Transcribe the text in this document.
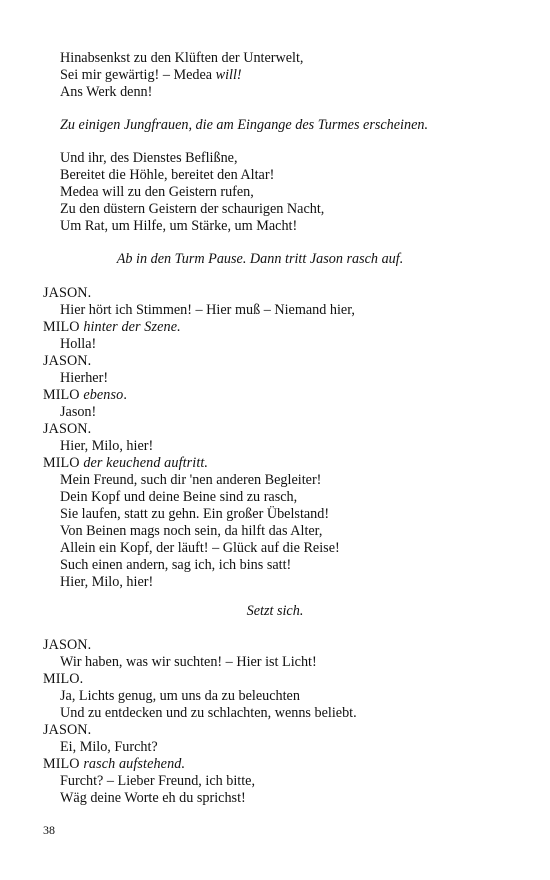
Hinabsenkst zu den Klüften der Unterwelt,
Sei mir gewärtig! – Medea will!
Ans Werk denn!
Zu einigen Jungfrauen, die am Eingange des Turmes erscheinen.
Und ihr, des Dienstes Beflißne,
Bereitet die Höhle, bereitet den Altar!
Medea will zu den Geistern rufen,
Zu den düstern Geistern der schaurigen Nacht,
Um Rat, um Hilfe, um Stärke, um Macht!
Ab in den Turm Pause. Dann tritt Jason rasch auf.
JASON.
Hier hört ich Stimmen! – Hier muß – Niemand hier,
MILO hinter der Szene.
Holla!
JASON.
Hierher!
MILO ebenso.
Jason!
JASON.
Hier, Milo, hier!
MILO der keuchend auftritt.
Mein Freund, such dir 'nen anderen Begleiter!
Dein Kopf und deine Beine sind zu rasch,
Sie laufen, statt zu gehn. Ein großer Übelstand!
Von Beinen mags noch sein, da hilft das Alter,
Allein ein Kopf, der läuft! – Glück auf die Reise!
Such einen andern, sag ich, ich bins satt!
Hier, Milo, hier!
Setzt sich.
JASON.
Wir haben, was wir suchten! – Hier ist Licht!
MILO.
Ja, Lichts genug, um uns da zu beleuchten
Und zu entdecken und zu schlachten, wenns beliebt.
JASON.
Ei, Milo, Furcht?
MILO rasch aufstehend.
Furcht? – Lieber Freund, ich bitte,
Wäg deine Worte eh du sprichst!
38
